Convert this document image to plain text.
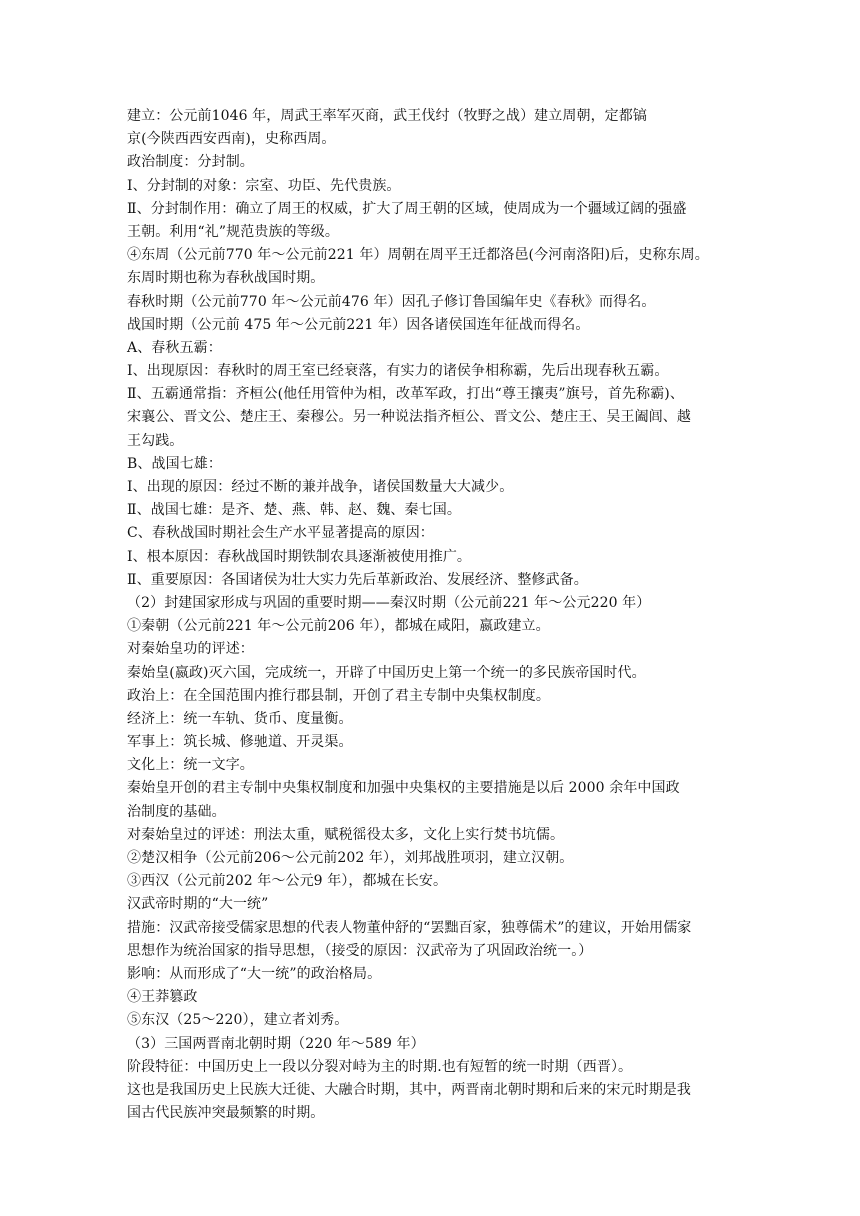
建立：公元前1046 年，周武王率军灭商，武王伐纣（牧野之战）建立周朝，定都镐
京(今陕西西安西南)，史称西周。
政治制度：分封制。
Ⅰ、分封制的对象：宗室、功臣、先代贵族。
Ⅱ、分封制作用：确立了周王的权威，扩大了周王朝的区域，使周成为一个疆域辽阔的强盛
王朝。利用“礼”规范贵族的等级。
④东周（公元前770 年～公元前221 年）周朝在周平王迁都洛邑(今河南洛阳)后，史称东周。
东周时期也称为春秋战国时期。
春秋时期（公元前770 年～公元前476 年）因孔子修订鲁国编年史《春秋》而得名。
战国时期（公元前 475 年～公元前221 年）因各诸侯国连年征战而得名。
A、春秋五霸：
Ⅰ、出现原因：春秋时的周王室已经衰落，有实力的诸侯争相称霸，先后出现春秋五霸。
Ⅱ、五霸通常指：齐桓公(他任用管仲为相，改革军政，打出“尊王攘夷”旗号，首先称霸)、
宋襄公、晋文公、楚庄王、秦穆公。另一种说法指齐桓公、晋文公、楚庄王、吴王阖闾、越
王勾践。
B、战国七雄：
Ⅰ、出现的原因：经过不断的兼并战争，诸侯国数量大大减少。
Ⅱ、战国七雄：是齐、楚、燕、韩、赵、魏、秦七国。
C、春秋战国时期社会生产水平显著提高的原因：
Ⅰ、根本原因：春秋战国时期铁制农具逐渐被使用推广。
Ⅱ、重要原因：各国诸侯为壮大实力先后革新政治、发展经济、整修武备。
（2）封建国家形成与巩固的重要时期——秦汉时期（公元前221 年～公元220 年）
①秦朝（公元前221 年～公元前206 年），都城在咸阳，嬴政建立。
对秦始皇功的评述：
秦始皇(嬴政)灭六国，完成统一，开辟了中国历史上第一个统一的多民族帝国时代。
政治上：在全国范围内推行郡县制，开创了君主专制中央集权制度。
经济上：统一车轨、货币、度量衡。
军事上：筑长城、修驰道、开灵渠。
文化上：统一文字。
秦始皇开创的君主专制中央集权制度和加强中央集权的主要措施是以后 2000 余年中国政
治制度的基础。
对秦始皇过的评述：刑法太重，赋税徭役太多，文化上实行焚书坑儒。
②楚汉相争（公元前206～公元前202 年），刘邦战胜项羽，建立汉朝。
③西汉（公元前202 年～公元9 年），都城在长安。
汉武帝时期的“大一统”
措施：汉武帝接受儒家思想的代表人物董仲舒的“罢黜百家，独尊儒术”的建议，开始用儒家
思想作为统治国家的指导思想，（接受的原因：汉武帝为了巩固政治统一。）
影响：从而形成了“大一统”的政治格局。
④王莽篡政
⑤东汉（25～220），建立者刘秀。
（3）三国两晋南北朝时期（220 年～589 年）
阶段特征：中国历史上一段以分裂对峙为主的时期.也有短暂的统一时期（西晋）。
这也是我国历史上民族大迁徙、大融合时期，其中，两晋南北朝时期和后来的宋元时期是我
国古代民族冲突最频繁的时期。
